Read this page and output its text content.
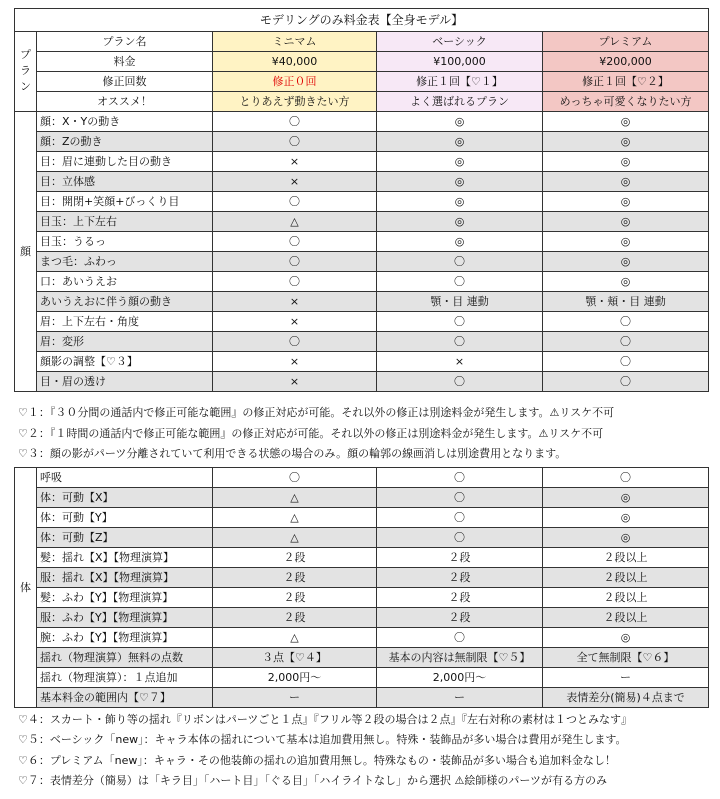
モデリングのみ料金表【全身モデル】				
プラン	プラン名	ミニマム	ベーシック	プレミアム
	料金	¥40,000	¥100,000	¥200,000
	修正回数	修正０回	修正１回【♡１】	修正１回【♡２】
	オススメ！	とりあえず動きたい方	よく選ばれるプラン	めっちゃ可愛くなりたい方
顔	顔：X・Yの動き	〇	◎	◎
	顔：Zの動き	〇	◎	◎
	目：眉に連動した目の動き	×	◎	◎
	目：立体感	×	◎	◎
	目：開閉+笑顔+びっくり目	〇	◎	◎
	目玉：上下左右	△	◎	◎
	目玉：うるっ	〇	◎	◎
	まつ毛：ふわっ	〇	〇	◎
	口：あいうえお	〇	〇	◎
	あいうえおに伴う顔の動き	×	顎・目 連動	顎・頬・目 連動
	眉：上下左右・角度	×	〇	〇
	眉：変形	〇	〇	〇
	顔影の調整【♡３】	×	×	〇
	目・眉の透け	×	〇	〇
♡１：『３０分間の通話内で修正可能な範囲』の修正対応が可能。それ以外の修正は別途料金が発生します。⚠リスケ不可
♡２：『１時間の通話内で修正可能な範囲』の修正対応が可能。それ以外の修正は別途料金が発生します。⚠リスケ不可
♡３：顔の影がパーツ分離されていて利用できる状態の場合のみ。顔の輪郭の線画消しは別途費用となります。
体	呼吸	〇	〇	〇
	体：可動【X】	△	〇	◎
	体：可動【Y】	△	〇	◎
	体：可動【Z】	△	〇	◎
	髪：揺れ【X】【物理演算】	２段	２段	２段以上
	服：揺れ【X】【物理演算】	２段	２段	２段以上
	髪：ふわ【Y】【物理演算】	２段	２段	２段以上
	服：ふわ【Y】【物理演算】	２段	２段	２段以上
	腕：ふわ【Y】【物理演算】	△	〇	◎
	揺れ（物理演算）無料の点数	３点【♡４】	基本の内容は無制限【♡５】	全て無制限【♡６】
	揺れ（物理演算）：１点追加	2,000円〜	2,000円〜	ー
	基本料金の範囲内【♡７】	ー	ー	表情差分(簡易)４点まで
♡４：スカート・飾り等の揺れ『リボンはパーツごと１点』『フリル等２段の場合は２点』『左右対称の素材は１つとみなす』
♡５：ベーシック「new」：キャラ本体の揺れについて基本は追加費用無し。特殊・装飾品が多い場合は費用が発生します。
♡６：プレミアム「new」：キャラ・その他装飾の揺れの追加費用無し。特殊なもの・装飾品が多い場合も追加料金なし！
♡７：表情差分（簡易）は「キラ目」「ハート目」「ぐる目」「ハイライトなし」から選択 ⚠絵師様のパーツが有る方のみ
